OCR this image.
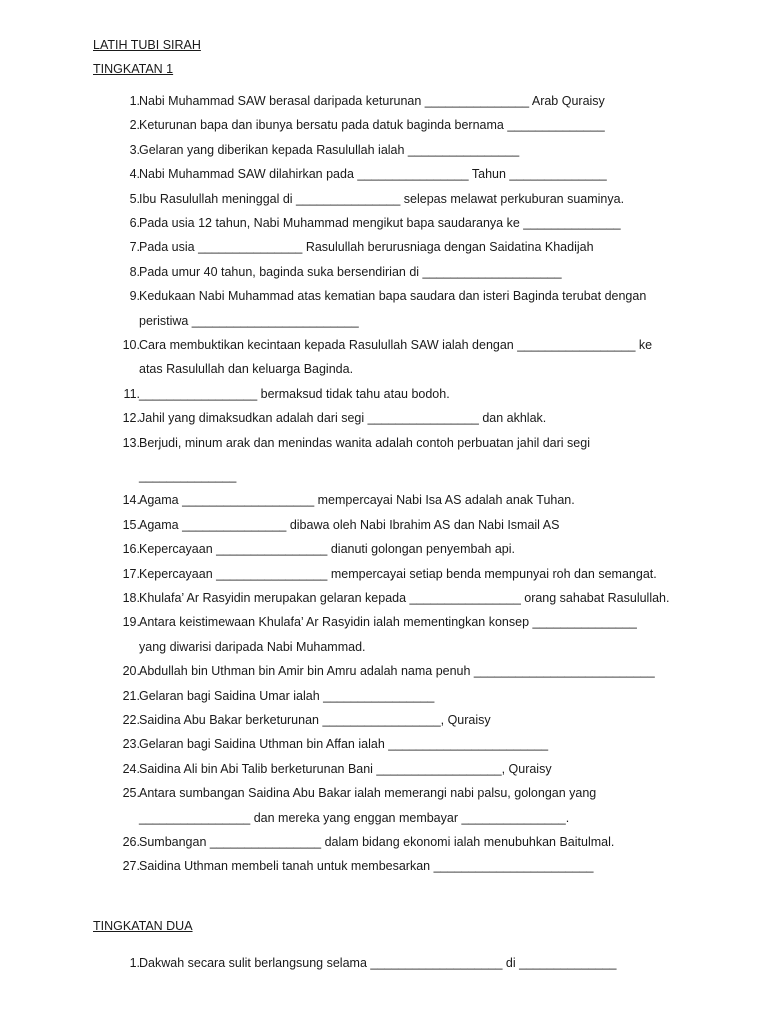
LATIH TUBI SIRAH
TINGKATAN 1
1. Nabi Muhammad SAW berasal daripada keturunan _______________ Arab Quraisy
2. Keturunan bapa dan ibunya bersatu pada datuk baginda bernama ______________
3. Gelaran yang diberikan kepada Rasulullah ialah ________________
4. Nabi Muhammad SAW dilahirkan pada ________________ Tahun ______________
5. Ibu Rasulullah meninggal di _______________ selepas melawat perkuburan suaminya.
6. Pada usia 12 tahun, Nabi Muhammad mengikut bapa saudaranya ke ______________
7. Pada usia _______________ Rasulullah berurusniaga dengan Saidatina Khadijah
8. Pada umur 40 tahun, baginda suka bersendirian di ____________________
9. Kedukaan Nabi Muhammad atas kematian bapa saudara dan isteri Baginda terubat dengan
peristiwa ________________________
10. Cara membuktikan kecintaan kepada Rasulullah SAW ialah dengan _________________ ke
atas Rasulullah dan keluarga Baginda.
11. _________________ bermaksud tidak tahu atau bodoh.
12. Jahil yang dimaksudkan adalah dari segi ________________ dan akhlak.
13. Berjudi, minum arak dan menindas wanita adalah contoh perbuatan jahil dari segi
______________
14. Agama ___________________ mempercayai Nabi Isa AS adalah anak Tuhan.
15. Agama _______________ dibawa oleh Nabi Ibrahim AS dan Nabi Ismail AS
16. Kepercayaan ________________ dianuti golongan penyembah api.
17. Kepercayaan ________________ mempercayai setiap benda mempunyai roh dan semangat.
18. Khulafa’ Ar Rasyidin merupakan gelaran kepada ________________ orang sahabat Rasulullah.
19. Antara keistimewaan Khulafa’ Ar Rasyidin ialah mementingkan konsep _______________
yang diwarisi daripada Nabi Muhammad.
20. Abdullah bin Uthman bin Amir bin Amru adalah nama penuh __________________________
21. Gelaran bagi Saidina Umar ialah ________________
22. Saidina Abu Bakar berketurunan _________________, Quraisy
23. Gelaran bagi Saidina Uthman bin Affan ialah _______________________
24. Saidina Ali bin Abi Talib berketurunan Bani __________________, Quraisy
25. Antara sumbangan Saidina Abu Bakar ialah memerangi nabi palsu, golongan yang
________________ dan mereka yang enggan membayar _______________.
26. Sumbangan ________________ dalam bidang ekonomi ialah menubuhkan Baitulmal.
27. Saidina Uthman membeli tanah untuk membesarkan _______________________
TINGKATAN DUA
1. Dakwah secara sulit berlangsung selama ___________________ di ______________
